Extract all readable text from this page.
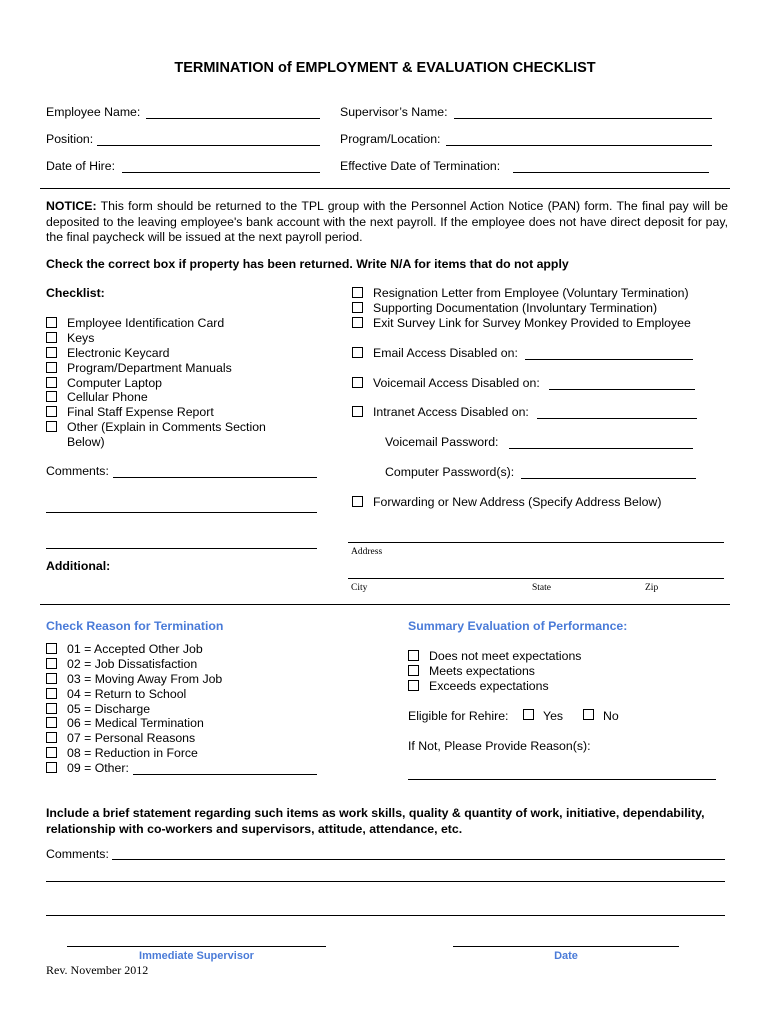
TERMINATION of EMPLOYMENT & EVALUATION CHECKLIST
Employee Name:	Supervisor’s Name:
Position:	Program/Location:
Date of Hire:	Effective Date of Termination:
NOTICE: This form should be returned to the TPL group with the Personnel Action Notice (PAN) form. The final pay will be deposited to the leaving employee's bank account with the next payroll. If the employee does not have direct deposit for pay, the final paycheck will be issued at the next payroll period.
Check the correct box if property has been returned. Write N/A for items that do not apply
Checklist:
Employee Identification Card
Keys
Electronic Keycard
Program/Department Manuals
Computer Laptop
Cellular Phone
Final Staff Expense Report
Other (Explain in Comments Section
Below)
Comments:
Additional:
Resignation Letter from Employee (Voluntary Termination)
Supporting Documentation (Involuntary Termination)
Exit Survey Link for Survey Monkey Provided to Employee
Email Access Disabled on:
Voicemail Access Disabled on:
Intranet Access Disabled on:
Voicemail Password:
Computer Password(s):
Forwarding or New Address (Specify Address Below)
Address
City	State	Zip
Check Reason for Termination
01 = Accepted Other Job
02 = Job Dissatisfaction
03 = Moving Away From Job
04 = Return to School
05 = Discharge
06 = Medical Termination
07 = Personal Reasons
08 = Reduction in Force
09 = Other:
Summary Evaluation of Performance:
Does not meet expectations
Meets expectations
Exceeds expectations
Eligible for Rehire:	Yes	No
If Not, Please Provide Reason(s):
Include a brief statement regarding such items as work skills, quality & quantity of work, initiative, dependability, relationship with co-workers and supervisors, attitude, attendance, etc.
Comments:
Immediate Supervisor	Date
Rev. November 2012
